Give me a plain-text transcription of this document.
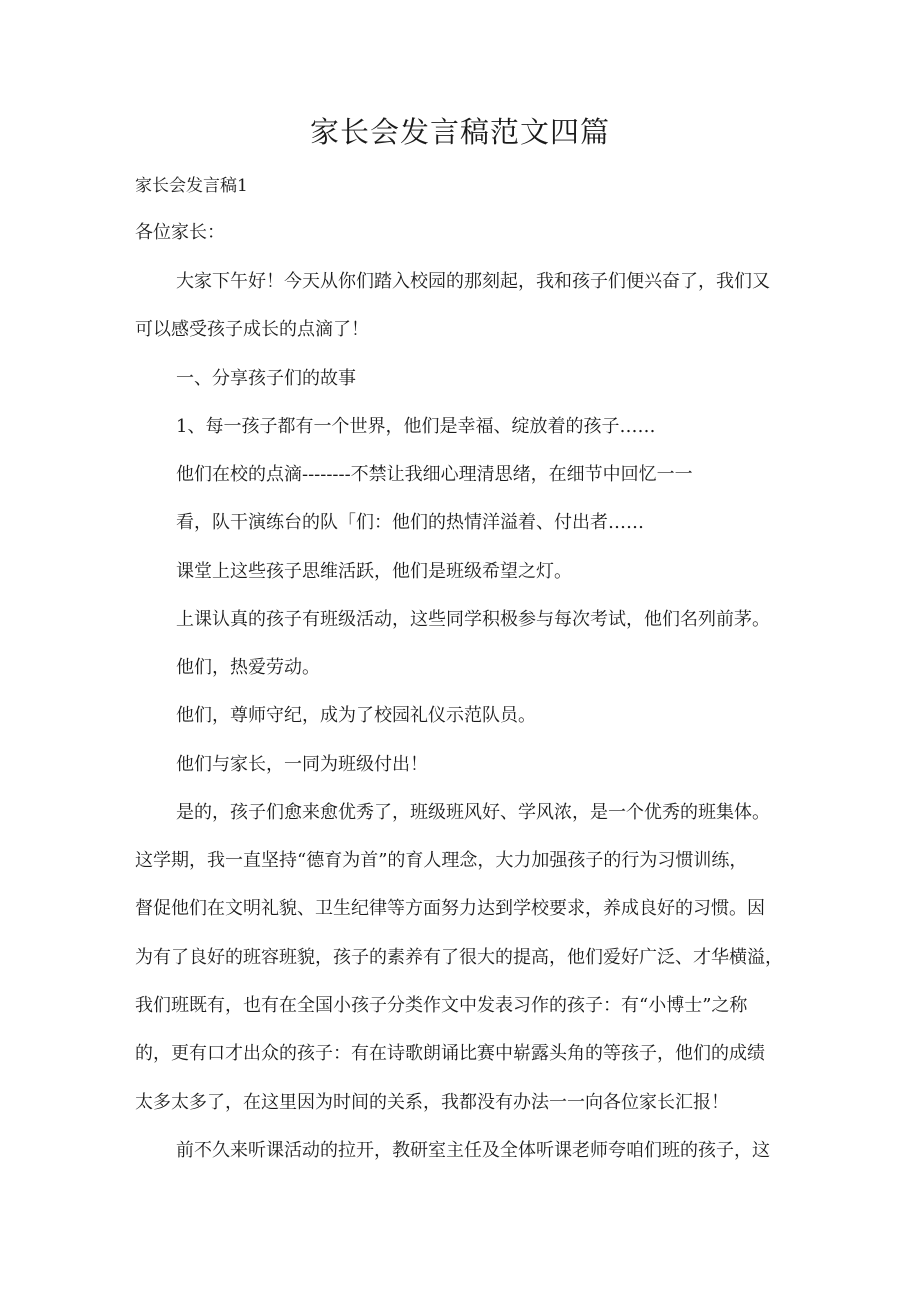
家长会发言稿范文四篇
家长会发言稿1
各位家长：
大家下午好！今天从你们踏入校园的那刻起，我和孩子们便兴奋了，我们又
可以感受孩子成长的点滴了！
一、分享孩子们的故事
1、每一孩子都有一个世界，他们是幸福、绽放着的孩子……
他们在校的点滴--------不禁让我细心理清思绪，在细节中回忆一一
看，队干演练台的队「们：他们的热情洋溢着、付出者……
课堂上这些孩子思维活跃，他们是班级希望之灯。
上课认真的孩子有班级活动，这些同学积极参与每次考试，他们名列前茅。
他们，热爱劳动。
他们，尊师守纪，成为了校园礼仪示范队员。
他们与家长，一同为班级付出！
是的，孩子们愈来愈优秀了，班级班风好、学风浓，是一个优秀的班集体。
这学期，我一直坚持“德育为首”的育人理念，大力加强孩子的行为习惯训练，
督促他们在文明礼貌、卫生纪律等方面努力达到学校要求，养成良好的习惯。因
为有了良好的班容班貌，孩子的素养有了很大的提高，他们爱好广泛、才华横溢，
我们班既有，也有在全国小孩子分类作文中发表习作的孩子：有“小博士”之称
的，更有口才出众的孩子：有在诗歌朗诵比赛中崭露头角的等孩子，他们的成绩
太多太多了，在这里因为时间的关系，我都没有办法一一向各位家长汇报！
前不久来听课活动的拉开，教研室主任及全体听课老师夸咱们班的孩子，这
